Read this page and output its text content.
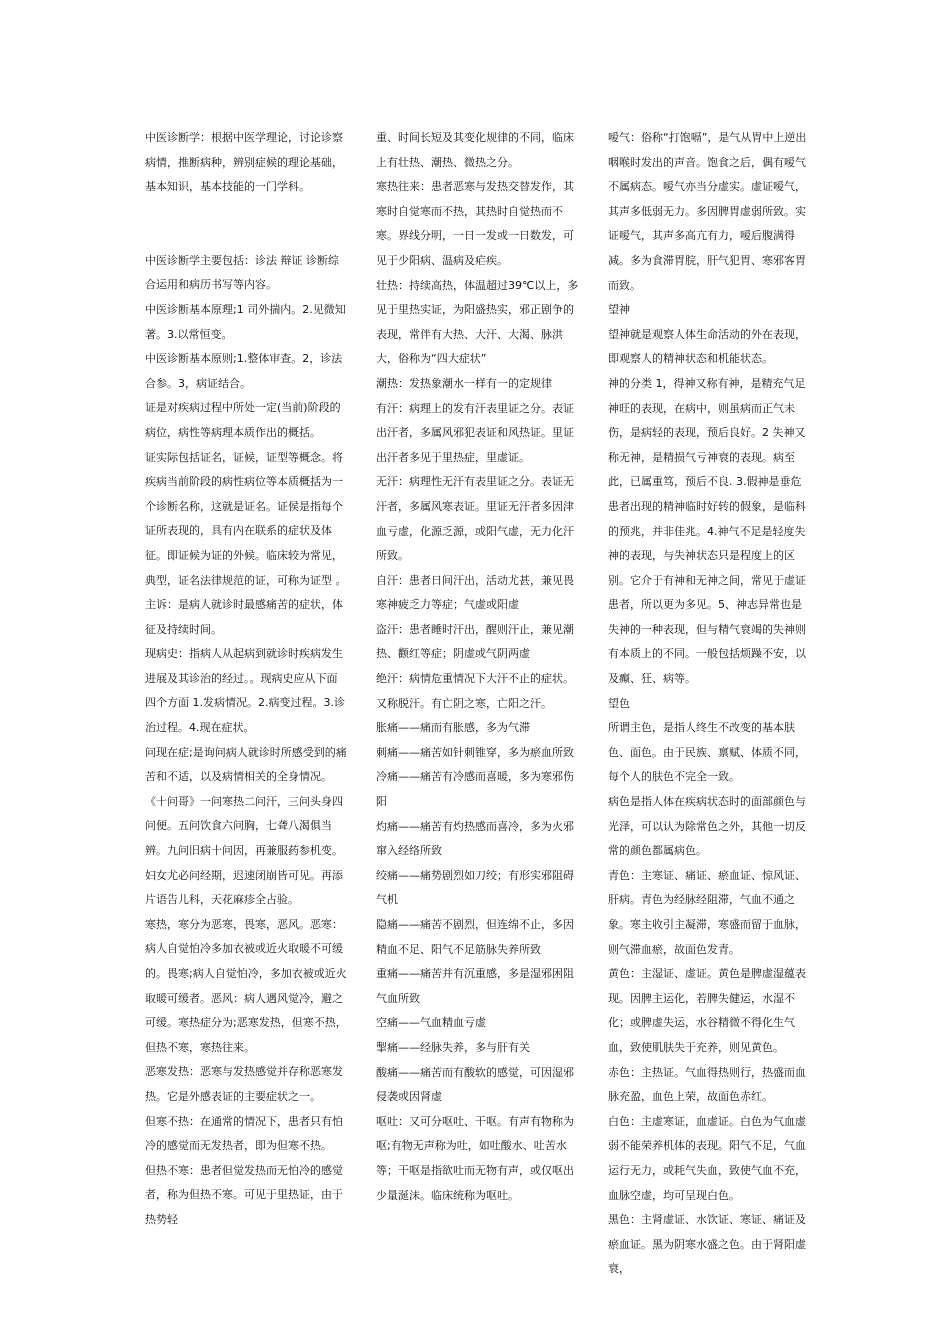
中医诊断学：根据中医学理论，讨论诊察病情，推断病种，辨别症候的理论基础，基本知识，基本技能的一门学科。

中医诊断学主要包括：诊法 辩证 诊断综合运用和病历书写等内容。

中医诊断基本原理;1 司外揣内。2.见微知著。3.以常恒变。

中医诊断基本原则;1.整体审查。2，诊法合参。3，病证结合。

证是对疾病过程中所处一定(当前)阶段的病位，病性等病理本质作出的概括。

证实际包括证名，证候，证型等概念。将疾病当前阶段的病性病位等本质概括为一个诊断名称，这就是证名。证侯是指每个证所表现的，具有内在联系的症状及体征。即证候为证的外候。临床较为常见，典型，证名法律规范的证，可称为证型 。

主诉：是病人就诊时最感痛苦的症状，体征及持续时间。

现病史：指病人从起病到就诊时疾病发生进展及其诊治的经过。。现病史应从下面四个方面 1.发病情况。2.病变过程。3.诊治过程。4.现在症状。

问现在症;是询问病人就诊时所感受到的痛苦和不适，以及病情相关的全身情况。

《十问哥》一问寒热二问汗，三问头身四问便。五问饮食六问胸，七聋八渴俱当辨。九问旧病十问因，再兼服药参机变。妇女尤必问经期，迟速闭崩皆可见。再添片语告儿科，天花麻疹全占验。

寒热，寒分为恶寒，畏寒，恶风。恶寒：病人自觉怕冷多加衣被或近火取暖不可缓的。畏寒;病人自觉怕冷，多加衣被或近火取暖可缓者。恶风：病人遇风觉冷，避之可缓。寒热症分为;恶寒发热，但寒不热，但热不寒，寒热往来。

恶寒发热：恶寒与发热感觉并存称恶寒发热。它是外感表证的主要症状之一。

但寒不热：在通常的情况下，患者只有怕冷的感觉而无发热者，即为但寒不热。

但热不寒：患者但觉发热而无怕冷的感觉者，称为但热不寒。可见于里热证，由于热势轻

重、时间长短及其变化规律的不同，临床上有壮热、潮热、微热之分。

寒热往来：患者恶寒与发热交替发作，其寒时自觉寒而不热，其热时自觉热而不寒。界线分明，一日一发或一日数发，可见于少阳病、温病及疟疾。

壮热：持续高热，体温超过39℃以上，多见于里热实证，为阳盛热实，邪正剧争的表现，常伴有大热、大汗、大渴、脉洪大，俗称为“四大症状”

潮热：发热象潮水一样有一的定规律

有汗：病理上的发有汗表里证之分。表证出汗者，多属风邪犯表证和风热证。里证出汗者多见于里热症，里虚证。

无汗：病理性无汗有表里证之分。表证无汗者，多属风寒表证。里证无汗者多因津血亏虚，化源乏源，或阳气虚，无力化汗所致。

自汗：患者日间汗出，活动尤甚，兼见畏寒神疲乏力等症；气虚或阳虚

盗汗：患者睡时汗出，醒则汗止，兼见潮热、颧红等症；阴虚或气阴两虚

绝汗：病情危重情况下大汗不止的症状。又称脱汗。有亡阴之寒，亡阳之汗。

胀痛——痛而有胀感，多为气滞

刺痛——痛苦如针刺锥穿，多为瘀血所致

冷痛——痛苦有冷感而喜暖，多为寒邪伤阳

灼痛——痛苦有灼热感而喜冷，多为火邪窜入经络所致

绞痛——痛势剧烈如刀绞；有形实邪阻碍气机

隐痛——痛苦不剧烈，但连绵不止，多因精血不足、阳气不足筋脉失养所致

重痛——痛苦并有沉重感，多是湿邪困阻气血所致

空痛——气血精血亏虚

掣痛——经脉失养，多与肝有关

酸痛——痛苦而有酸软的感觉，可因湿邪侵袭或因肾虚

呕吐：又可分呕吐、干呕。有声有物称为呕;有物无声称为吐，如吐酸水、吐苦水等；干呕是指欲吐而无物有声，或仅呕出少量涎沫。临床统称为呕吐。

嗳气：俗称“打饱嗝”，是气从胃中上逆出咽喉时发出的声音。饱食之后，偶有嗳气不属病态。嗳气亦当分虚实。虚证嗳气，其声多低弱无力。多因脾胃虚弱所致。实证嗳气，其声多高亢有力，嗳后腹满得减。多为食滞胃脘，肝气犯胃、寒邪客胃而致。

望神

望神就是观察人体生命活动的外在表现，即观察人的精神状态和机能状态。

神的分类 1，得神又称有神，是精充气足神旺的表现，在病中，则虽病而正气未伤，是病轻的表现，预后良好。2 失神又称无神，是精损气亏神衰的表现。病至此，已属重笃，预后不良. 3.假神是垂危患者出现的精神临时好转的假象，是临科的预兆，并非佳兆。4.神气不足是轻度失神的表现，与失神状态只是程度上的区别。它介于有神和无神之间，常见于虚证患者，所以更为多见。5、神志异常也是失神的一种表现，但与精气衰竭的失神则有本质上的不同。一般包括烦躁不安，以及癫、狂、病等。

望色

所谓主色，是指人终生不改变的基本肤色、面色。由于民族、禀赋、体质不同，每个人的肤色不完全一致。

病色是指人体在疾病状态时的面部颜色与光泽，可以认为除常色之外，其他一切反常的颜色都属病色。

青色：主寒证、痛证、瘀血证、惊风证、肝病。青色为经脉经阻滞，气血不通之象。寒主收引主凝滞，寒盛而留于血脉，则气滞血瘀，故面色发青。

黄色：主湿证、虚证。黄色是脾虚湿蕴表现。因脾主运化，若脾失健运，水湿不化；或脾虚失运，水谷精微不得化生气血，致使肌肤失于充养，则见黄色。

赤色：主热证。气血得热则行，热盛而血脉充盈，血色上荣，故面色赤红。

白色：主虚寒证，血虚证。白色为气血虚弱不能荣养机体的表现。阳气不足，气血运行无力，或耗气失血，致使气血不充，血脉空虚，均可呈现白色。

黑色：主肾虚证、水饮证、寒证、痛证及瘀血证。黑为阴寒水盛之色。由于肾阳虚衰，
